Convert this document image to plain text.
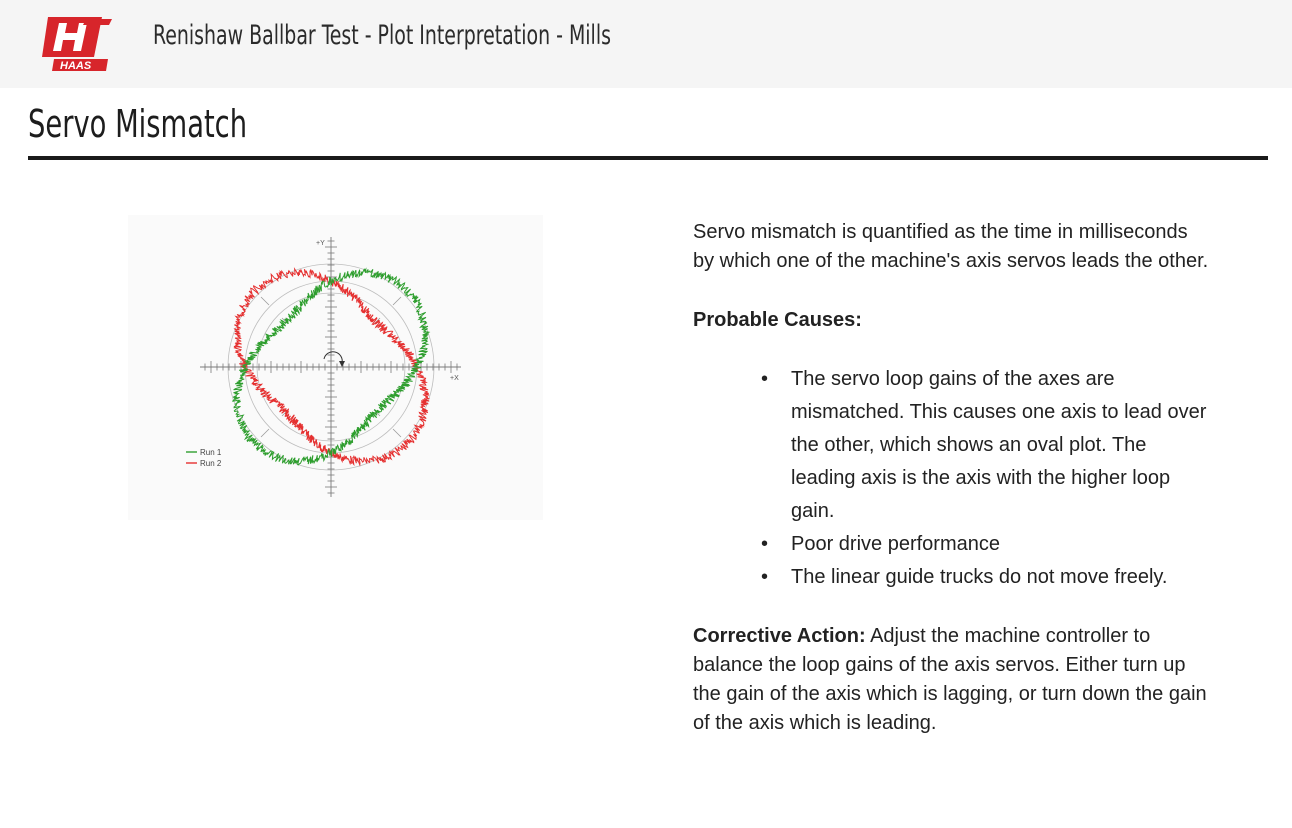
HAAS
Renishaw Ballbar Test - Plot Interpretation - Mills
Servo Mismatch
+Y
+X
Run 1
Run 2

Servo mismatch is quantified as the time in milliseconds by which one of the machine's axis servos leads the other.

Probable Causes:

• The servo loop gains of the axes are mismatched. This causes one axis to lead over the other, which shows an oval plot. The leading axis is the axis with the higher loop gain.
• Poor drive performance
• The linear guide trucks do not move freely.

Corrective Action: Adjust the machine controller to balance the loop gains of the axis servos. Either turn up the gain of the axis which is lagging, or turn down the gain of the axis which is leading.
